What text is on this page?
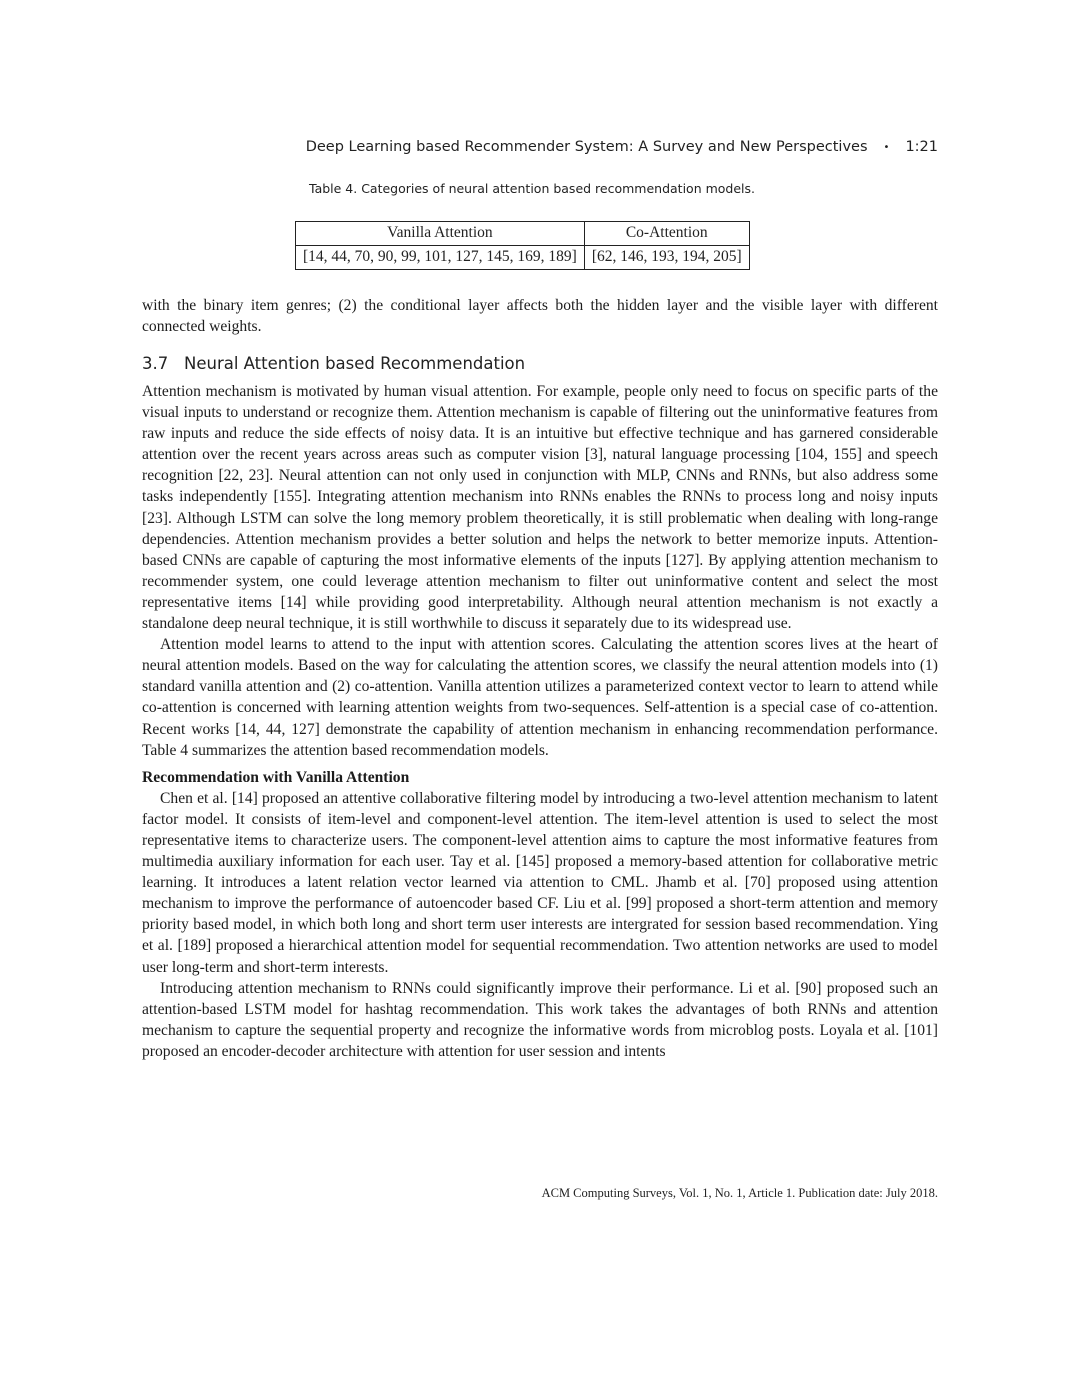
Deep Learning based Recommender System: A Survey and New Perspectives • 1:21
Table 4. Categories of neural attention based recommendation models.
Vanilla Attention	Co-Attention
[14, 44, 70, 90, 99, 101, 127, 145, 169, 189]	[62, 146, 193, 194, 205]

with the binary item genres; (2) the conditional layer affects both the hidden layer and the visible layer with different connected weights.

3.7 Neural Attention based Recommendation

Attention mechanism is motivated by human visual attention. For example, people only need to focus on specific parts of the visual inputs to understand or recognize them. Attention mechanism is capable of filtering out the uninformative features from raw inputs and reduce the side effects of noisy data. It is an intuitive but effective technique and has garnered considerable attention over the recent years across areas such as computer vision [3], natural language processing [104, 155] and speech recognition [22, 23]. Neural attention can not only used in conjunction with MLP, CNNs and RNNs, but also address some tasks independently [155]. Integrating attention mechanism into RNNs enables the RNNs to process long and noisy inputs [23]. Although LSTM can solve the long memory problem theoretically, it is still problematic when dealing with long-range dependencies. Attention mechanism provides a better solution and helps the network to better memorize inputs. Attention-based CNNs are capable of capturing the most informative elements of the inputs [127]. By applying attention mechanism to recommender system, one could leverage attention mechanism to filter out uninformative content and select the most representative items [14] while providing good interpretability. Although neural attention mechanism is not exactly a standalone deep neural technique, it is still worthwhile to discuss it separately due to its widespread use.

Attention model learns to attend to the input with attention scores. Calculating the attention scores lives at the heart of neural attention models. Based on the way for calculating the attention scores, we classify the neural attention models into (1) standard vanilla attention and (2) co-attention. Vanilla attention utilizes a parameterized context vector to learn to attend while co-attention is concerned with learning attention weights from two-sequences. Self-attention is a special case of co-attention. Recent works [14, 44, 127] demonstrate the capability of attention mechanism in enhancing recommendation performance. Table 4 summarizes the attention based recommendation models.

Recommendation with Vanilla Attention

Chen et al. [14] proposed an attentive collaborative filtering model by introducing a two-level attention mechanism to latent factor model. It consists of item-level and component-level attention. The item-level attention is used to select the most representative items to characterize users. The component-level attention aims to capture the most informative features from multimedia auxiliary information for each user. Tay et al. [145] proposed a memory-based attention for collaborative metric learning. It introduces a latent relation vector learned via attention to CML. Jhamb et al. [70] proposed using attention mechanism to improve the performance of autoencoder based CF. Liu et al. [99] proposed a short-term attention and memory priority based model, in which both long and short term user interests are intergrated for session based recommendation. Ying et al. [189] proposed a hierarchical attention model for sequential recommendation. Two attention networks are used to model user long-term and short-term interests.

Introducing attention mechanism to RNNs could significantly improve their performance. Li et al. [90] proposed such an attention-based LSTM model for hashtag recommendation. This work takes the advantages of both RNNs and attention mechanism to capture the sequential property and recognize the informative words from microblog posts. Loyala et al. [101] proposed an encoder-decoder architecture with attention for user session and intents

ACM Computing Surveys, Vol. 1, No. 1, Article 1. Publication date: July 2018.
